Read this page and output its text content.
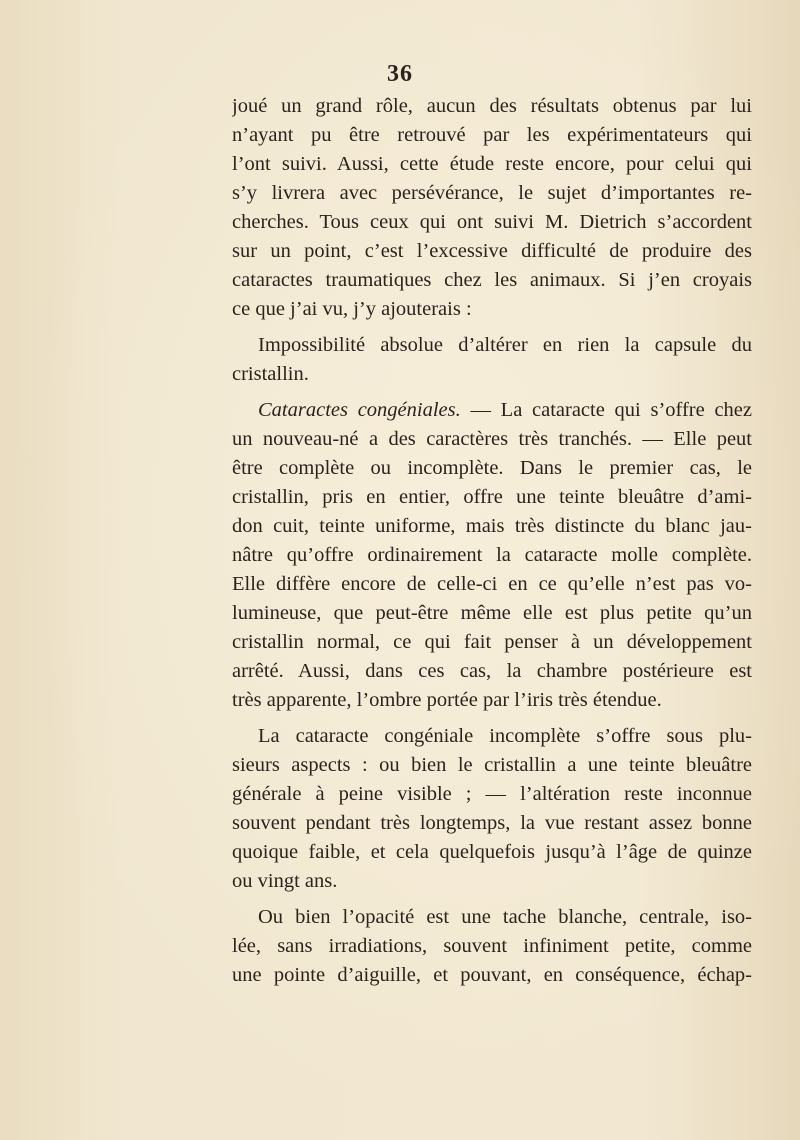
36
joué un grand rôle, aucun des résultats obtenus par lui
n’ayant pu être retrouvé par les expérimentateurs qui
l’ont suivi. Aussi, cette étude reste encore, pour celui qui
s’y livrera avec persévérance, le sujet d’importantes re-
cherches. Tous ceux qui ont suivi M. Dietrich s’accordent
sur un point, c’est l’excessive difficulté de produire des
cataractes traumatiques chez les animaux. Si j’en croyais
ce que j’ai vu, j’y ajouterais :
Impossibilité absolue d’altérer en rien la capsule du
cristallin.
Cataractes congéniales. — La cataracte qui s’offre chez
un nouveau-né a des caractères très tranchés. — Elle peut
être complète ou incomplète. Dans le premier cas, le
cristallin, pris en entier, offre une teinte bleuâtre d’ami-
don cuit, teinte uniforme, mais très distincte du blanc jau-
nâtre qu’offre ordinairement la cataracte molle complète.
Elle diffère encore de celle-ci en ce qu’elle n’est pas vo-
lumineuse, que peut-être même elle est plus petite qu’un
cristallin normal, ce qui fait penser à un développement
arrêté. Aussi, dans ces cas, la chambre postérieure est
très apparente, l’ombre portée par l’iris très étendue.
La cataracte congéniale incomplète s’offre sous plu-
sieurs aspects : ou bien le cristallin a une teinte bleuâtre
générale à peine visible ; — l’altération reste inconnue
souvent pendant très longtemps, la vue restant assez bonne
quoique faible, et cela quelquefois jusqu’à l’âge de quinze
ou vingt ans.
Ou bien l’opacité est une tache blanche, centrale, iso-
lée, sans irradiations, souvent infiniment petite, comme
une pointe d’aiguille, et pouvant, en conséquence, échap-
